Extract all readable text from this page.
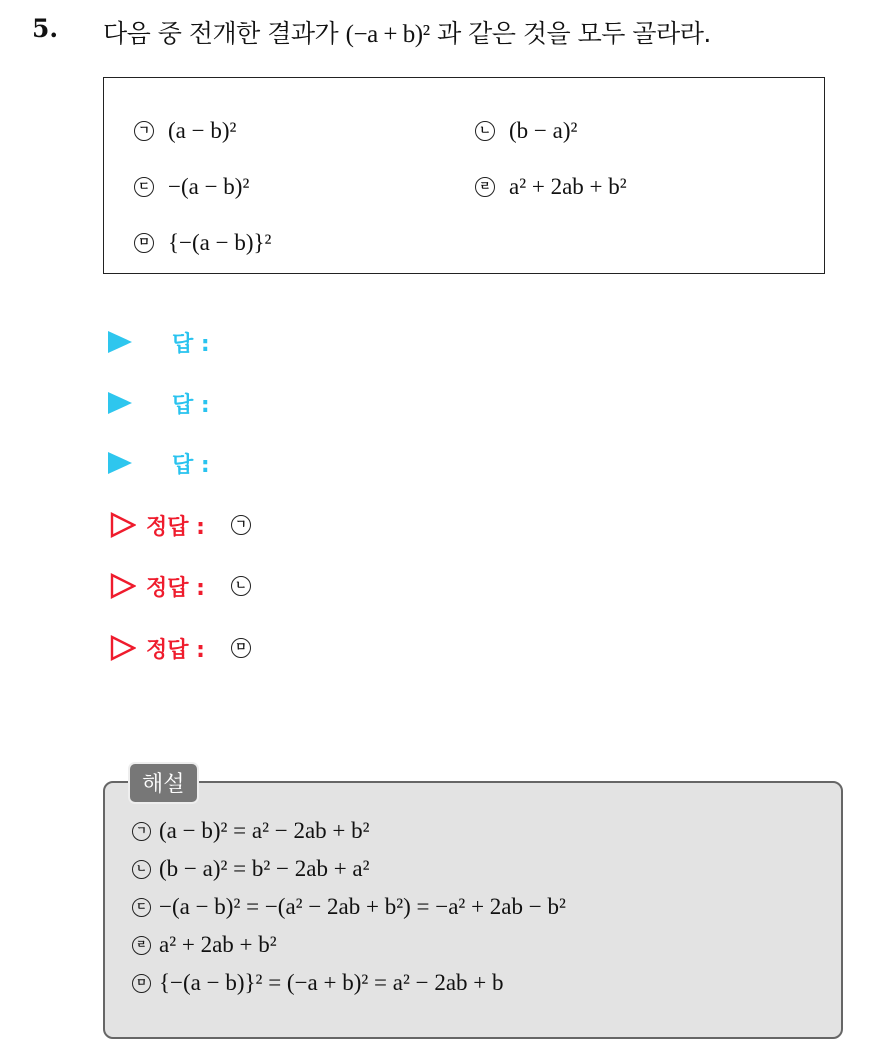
5. 다음 중 전개한 결과가 (−a + b)² 과 같은 것을 모두 골라라.
ㄱ (a − b)²	ㄴ (b − a)²
ㄷ −(a − b)²	ㄹ a² + 2ab + b²
ㅁ {−(a − b)}²
답 :
답 :
답 :
정답 :	ㄱ
정답 :	ㄴ
정답 :	ㅁ
해설
ㄱ (a − b)² = a² − 2ab + b²
ㄴ (b − a)² = b² − 2ab + a²
ㄷ −(a − b)² = −(a² − 2ab + b²) = −a² + 2ab − b²
ㄹ a² + 2ab + b²
ㅁ {−(a − b)}² = (−a + b)² = a² − 2ab + b
